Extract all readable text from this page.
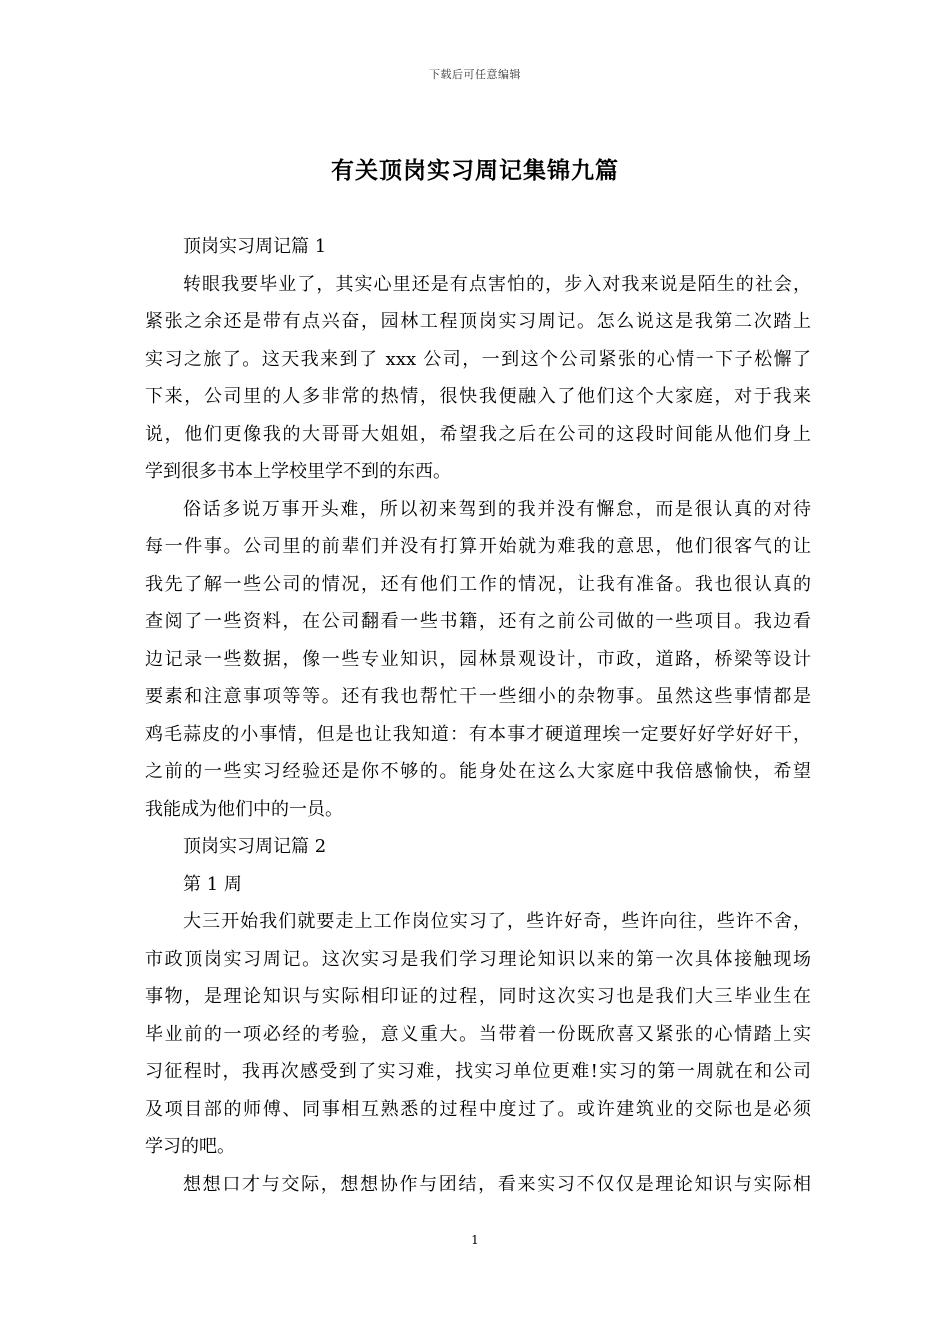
下载后可任意编辑
有关顶岗实习周记集锦九篇
顶岗实习周记篇 1
转眼我要毕业了，其实心里还是有点害怕的，步入对我来说是陌生的社会，
紧张之余还是带有点兴奋，园林工程顶岗实习周记。怎么说这是我第二次踏上
实习之旅了。这天我来到了 xxx 公司，一到这个公司紧张的心情一下子松懈了
下来，公司里的人多非常的热情，很快我便融入了他们这个大家庭，对于我来
说，他们更像我的大哥哥大姐姐，希望我之后在公司的这段时间能从他们身上
学到很多书本上学校里学不到的东西。
俗话多说万事开头难，所以初来驾到的我并没有懈怠，而是很认真的对待
每一件事。公司里的前辈们并没有打算开始就为难我的意思，他们很客气的让
我先了解一些公司的情况，还有他们工作的情况，让我有准备。我也很认真的
查阅了一些资料，在公司翻看一些书籍，还有之前公司做的一些项目。我边看
边记录一些数据，像一些专业知识，园林景观设计，市政，道路，桥梁等设计
要素和注意事项等等。还有我也帮忙干一些细小的杂物事。虽然这些事情都是
鸡毛蒜皮的小事情，但是也让我知道：有本事才硬道理埃一定要好好学好好干，
之前的一些实习经验还是你不够的。能身处在这么大家庭中我倍感愉快，希望
我能成为他们中的一员。
顶岗实习周记篇 2
第 1 周
大三开始我们就要走上工作岗位实习了，些许好奇，些许向往，些许不舍，
市政顶岗实习周记。这次实习是我们学习理论知识以来的第一次具体接触现场
事物，是理论知识与实际相印证的过程，同时这次实习也是我们大三毕业生在
毕业前的一项必经的考验，意义重大。当带着一份既欣喜又紧张的心情踏上实
习征程时，我再次感受到了实习难，找实习单位更难!实习的第一周就在和公司
及项目部的师傅、同事相互熟悉的过程中度过了。或许建筑业的交际也是必须
学习的吧。
想想口才与交际，想想协作与团结，看来实习不仅仅是理论知识与实际相
1
